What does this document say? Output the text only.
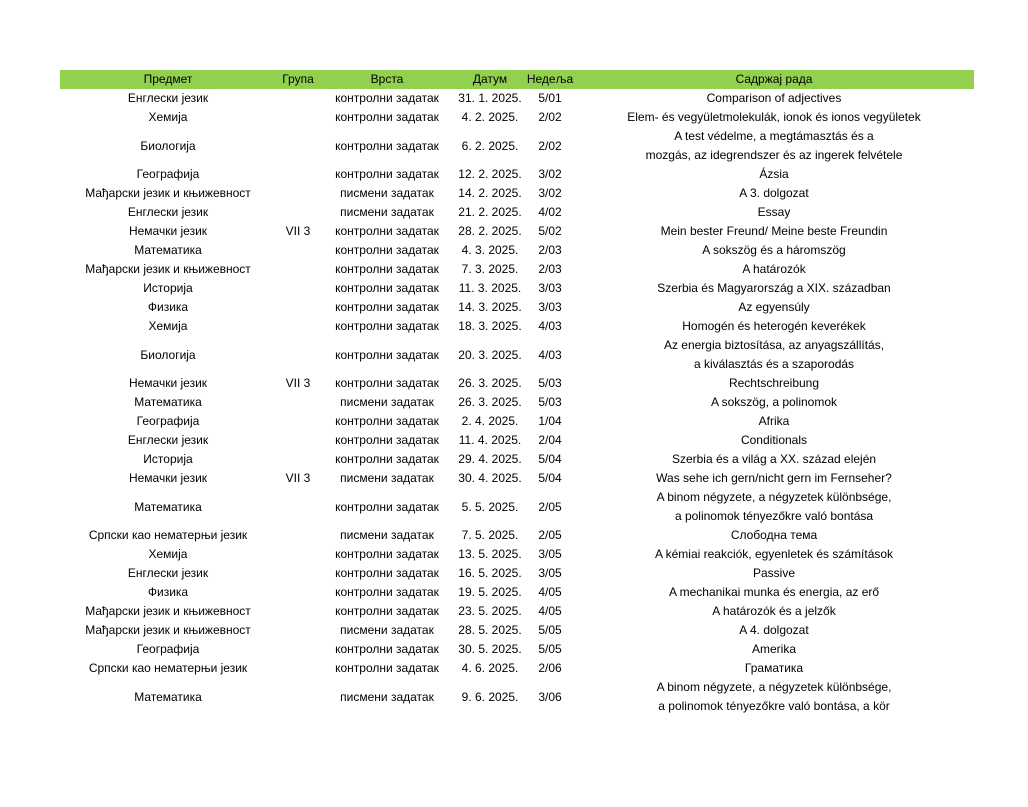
Предмет	Група	Врста	Датум	Недеља	Садржај рада
Енглески језик		контролни задатак	31. 1. 2025.	5/01	Comparison of adjectives

Хемија		контролни задатак	4. 2. 2025.	2/02	Elem- és vegyületmolekulák, ionok és ionos vegyületek

Биологија		контролни задатак	6. 2. 2025.	2/02	A test védelme, a megtámasztás és a
mozgás, az idegrendszer és az ingerek felvétele

Географија		контролни задатак	12. 2. 2025.	3/02	Ázsia

Мађарски језик и књижевност		писмени задатак	14. 2. 2025.	3/02	A 3. dolgozat

Енглески језик		писмени задатак	21. 2. 2025.	4/02	Essay

Немачки језик	VII 3	контролни задатак	28. 2. 2025.	5/02	Mein bester Freund/ Meine beste Freundin

Математика		контролни задатак	4. 3. 2025.	2/03	A sokszög és a háromszög

Мађарски језик и књижевност		контролни задатак	7. 3. 2025.	2/03	A határozók

Историја		контролни задатак	11. 3. 2025.	3/03	Szerbia és Magyarország a XIX. században

Физика		контролни задатак	14. 3. 2025.	3/03	Az egyensúly

Хемија		контролни задатак	18. 3. 2025.	4/03	Homogén és heterogén keverékek

Биологија		контролни задатак	20. 3. 2025.	4/03	Az energia biztosítása, az anyagszállítás,
a kiválasztás és a szaporodás

Немачки језик	VII 3	контролни задатак	26. 3. 2025.	5/03	Rechtschreibung

Математика		писмени задатак	26. 3. 2025.	5/03	A sokszög, a polinomok

Географија		контролни задатак	2. 4. 2025.	1/04	Afrika

Енглески језик		контролни задатак	11. 4. 2025.	2/04	Conditionals

Историја		контролни задатак	29. 4. 2025.	5/04	Szerbia és a világ a XX. század elején

Немачки језик	VII 3	писмени задатак	30. 4. 2025.	5/04	Was sehe ich gern/nicht gern im Fernseher?

Математика		контролни задатак	5. 5. 2025.	2/05	A binom négyzete, a négyzetek különbsége,
a polinomok tényezőkre való bontása

Српски као нематерњи језик		писмени задатак	7. 5. 2025.	2/05	Слободна тема

Хемија		контролни задатак	13. 5. 2025.	3/05	A kémiai reakciók, egyenletek és számítások

Енглески језик		контролни задатак	16. 5. 2025.	3/05	Passive

Физика		контролни задатак	19. 5. 2025.	4/05	A mechanikai munka és energia, az erő

Мађарски језик и књижевност		контролни задатак	23. 5. 2025.	4/05	A határozók és a jelzők

Мађарски језик и књижевност		писмени задатак	28. 5. 2025.	5/05	A 4. dolgozat

Географија		контролни задатак	30. 5. 2025.	5/05	Amerika

Српски као нематерњи језик		контролни задатак	4. 6. 2025.	2/06	Граматика

Математика		писмени задатак	9. 6. 2025.	3/06	A binom négyzete, a négyzetek különbsége,
a polinomok tényezőkre való bontása, a kör
